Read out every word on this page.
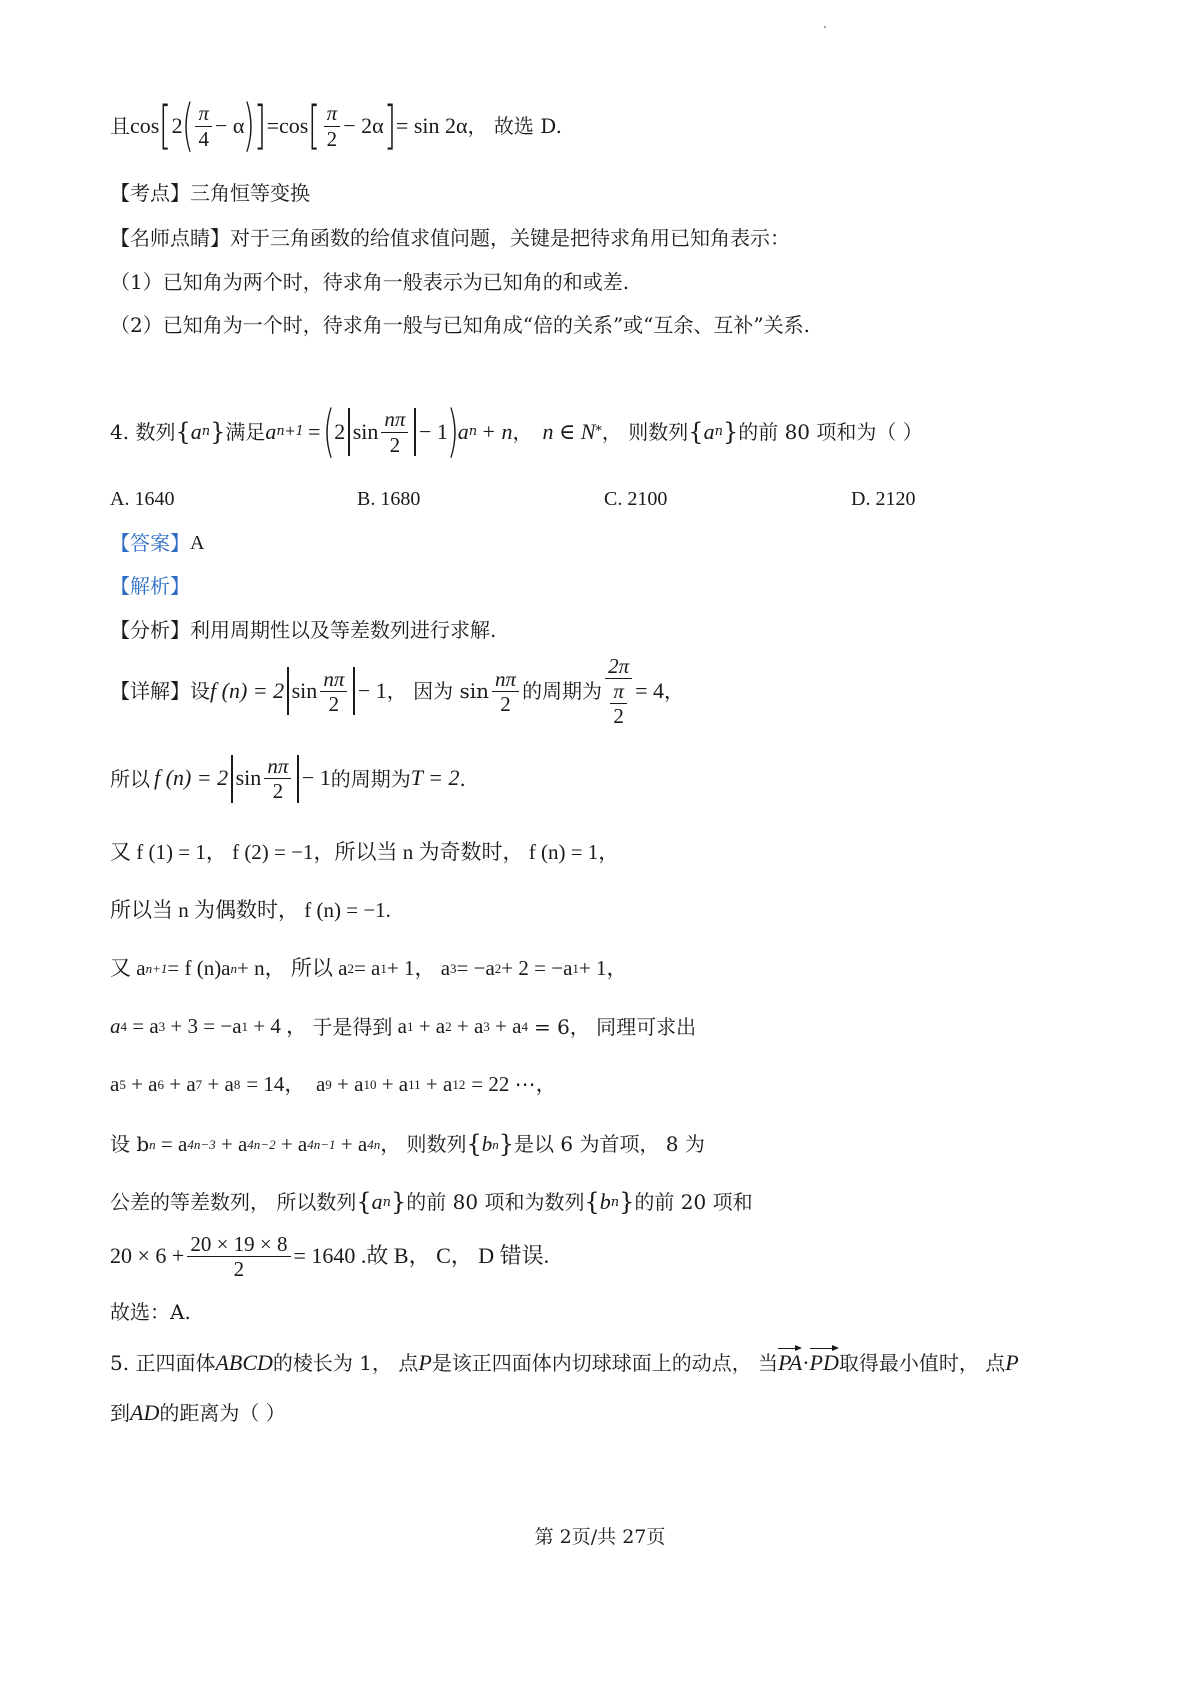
且 cos [ 2
( $\frac{\pi}{4} - \alpha$
)
] = cos [ $\frac{\pi}{2} - 2\alpha$ ] = sin 2α ， 故选 D.
【考点】三角恒等变换
【名师点睛】对于三角函数的给值求值问题，关键是把待求角用已知角表示：
（1）已知角为两个时，待求角一般表示为已知角的和或差.
（2）已知角为一个时，待求角一般与已知角成“倍的关系”或“互余、互补”关系.
4. 数列 { a n } 满足 a n+1 = (
2 $\sin \frac{n\pi}{2} - 1$
)
a n + n ， n ∈ N * ， 则数列 { a n } 的前 80 项和为（ ）
A. 1640	B. 1680	C. 2100	D. 2120
【答案】 A
【解析】
【分析】利用周期性以及等差数列进行求解.
【详解】设 f (n) = 2 $\sin \frac{n\pi}{2} - 1$ ， 因为 $\sin \frac{n\pi}{2}$ 的周期为 $\frac{2\pi}{\frac{\pi}{2}} = 4$ ，
所以 f (n) = 2 $\sin \frac{n\pi}{2} - 1$ 的周期为 T = 2 .
又 f (1) = 1， f (2) = −1，所以当 n 为奇数时， f (n) = 1，
所以当 n 为偶数时， f (n) = −1.
又 a n+1 = f (n)a n + n， 所以 a 2 = a 1 + 1， a 3 = −a 2 + 2 = −a 1 + 1，
a 4 = a 3 + 3 = −a 1 + 4 ， 于是得到 a 1 + a 2 + a 3 + a 4 = 6， 同理可求出
a 5 + a 6 + a 7 + a 8 = 14， a 9 + a 10 + a 11 + a 12 = 22 ⋯，
设 b n = a 4n−3 + a 4n−2 + a 4n−1 + a 4n ， 则数列 { b n } 是以 6 为首项， 8 为
公差的等差数列， 所以数列 { a n } 的前 80 项和为数列 { b n } 的前 20 项和
$20 \times 6 + \frac{20 \times 19 \times 8}{2} = 1640$ .故 B， C， D 错误.
故选：A.
5. 正四面体 ABCD 的棱长为 1， 点 P 是该正四面体内切球球面上的动点， 当 PA · PD 取得最小值时， 点 P
到 AD 的距离为（ ）
第 2页/共 27页
